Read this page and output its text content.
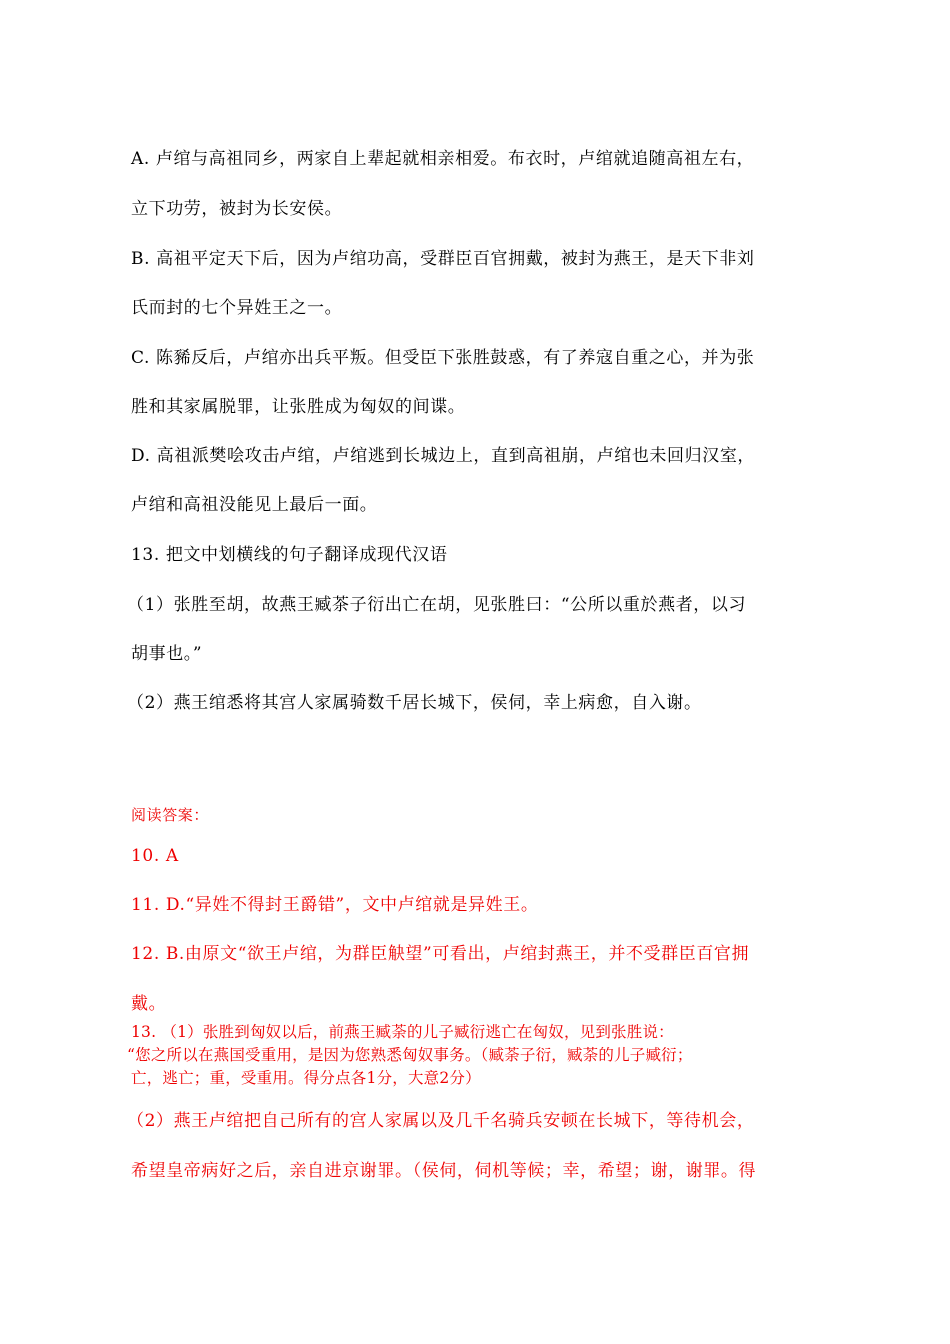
A. 卢绾与高祖同乡，两家自上辈起就相亲相爱。布衣时，卢绾就追随高祖左右，
立下功劳，被封为长安侯。
B. 高祖平定天下后，因为卢绾功高，受群臣百官拥戴，被封为燕王，是天下非刘
氏而封的七个异姓王之一。
C. 陈豨反后，卢绾亦出兵平叛。但受臣下张胜鼓惑，有了养寇自重之心，并为张
胜和其家属脱罪，让张胜成为匈奴的间谍。
D. 高祖派樊哙攻击卢绾，卢绾逃到长城边上，直到高祖崩，卢绾也未回归汉室，
卢绾和高祖没能见上最后一面。
13. 把文中划横线的句子翻译成现代汉语
（1）张胜至胡，故燕王臧茶子衍出亡在胡，见张胜曰：“公所以重於燕者，以习
胡事也。”
（2）燕王绾悉将其宫人家属骑数千居长城下，侯伺，幸上病愈，自入谢。
阅读答案：
10. A
11. D.“异姓不得封王爵错”，文中卢绾就是异姓王。
12. B.由原文“欲王卢绾，为群臣觖望”可看出，卢绾封燕王，并不受群臣百官拥
戴。
13. （1）张胜到匈奴以后，前燕王臧荼的儿子臧衍逃亡在匈奴，见到张胜说：
“您之所以在燕国受重用，是因为您熟悉匈奴事务。（臧荼子衍，臧荼的儿子臧衍；
亡，逃亡；重，受重用。得分点各1分，大意2分）
（2）燕王卢绾把自己所有的宫人家属以及几千名骑兵安顿在长城下，等待机会，
希望皇帝病好之后，亲自进京谢罪。（侯伺，伺机等候；幸，希望；谢，谢罪。得
